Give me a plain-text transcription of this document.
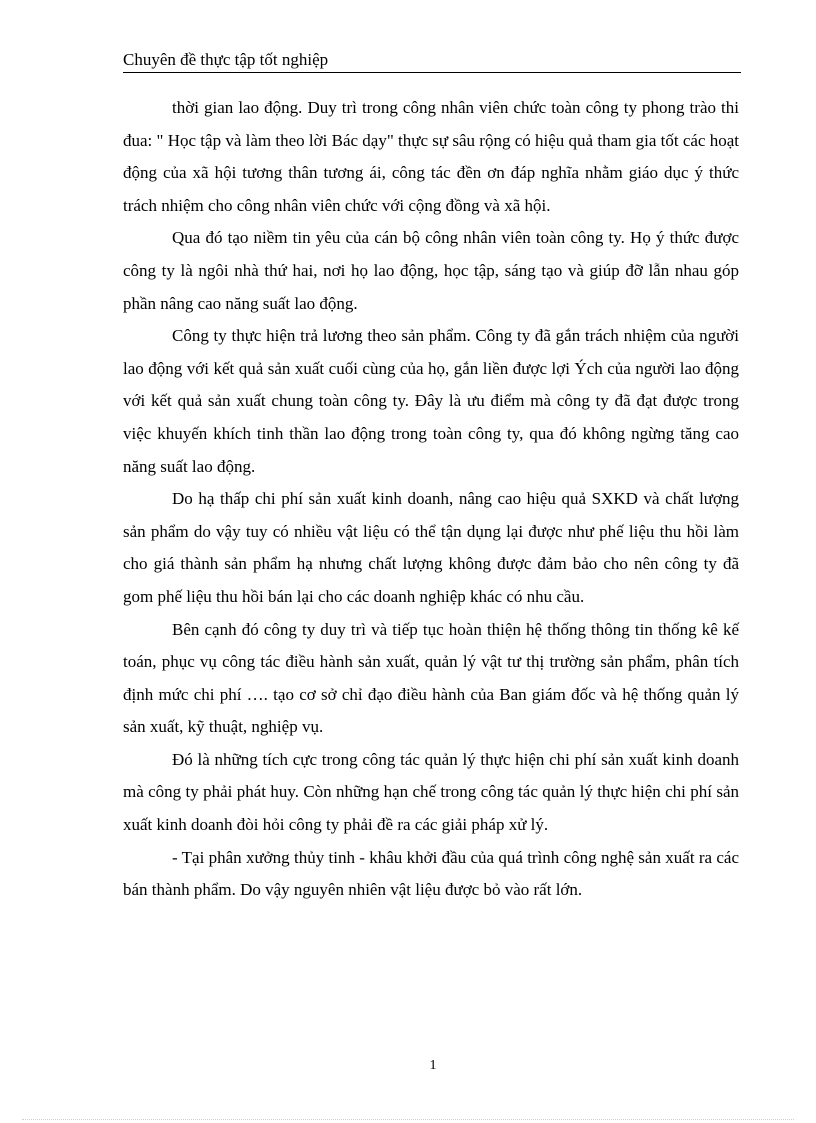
Chuyên đề thực tập tốt nghiệp

thời gian lao động. Duy trì trong công nhân viên chức toàn công ty phong trào thi đua: " Học tập và làm theo lời Bác dạy" thực sự sâu rộng có hiệu quả tham gia tốt các hoạt động của xã hội tương thân tương ái, công tác đền ơn đáp nghĩa nhằm giáo dục ý thức trách nhiệm cho công nhân viên chức với cộng đồng và xã hội.

Qua đó tạo niềm tin yêu của cán bộ công nhân viên toàn công ty. Họ ý thức được công ty là ngôi nhà thứ hai, nơi họ lao động, học tập, sáng tạo và giúp đỡ lẫn nhau góp phần nâng cao năng suất lao động.

Công ty thực hiện trả lương theo sản phẩm. Công ty đã gắn trách nhiệm của người lao động với kết quả sản xuất cuối cùng của họ, gắn liền được lợi Ých của người lao động với kết quả sản xuất chung toàn công ty. Đây là ưu điểm mà công ty đã đạt được trong việc khuyến khích tinh thần lao động trong toàn công ty, qua đó không ngừng tăng cao năng suất lao động.

Do hạ thấp chi phí sản xuất kinh doanh, nâng cao hiệu quả SXKD và chất lượng sản phẩm do vậy tuy có nhiều vật liệu có thể tận dụng lại được như phế liệu thu hồi làm cho giá thành sản phẩm hạ nhưng chất lượng không được đảm bảo cho nên công ty đã gom phế liệu thu hồi bán lại cho các doanh nghiệp khác có nhu cầu.

Bên cạnh đó công ty duy trì và tiếp tục hoàn thiện hệ thống thông tin thống kê kế toán, phục vụ công tác điều hành sản xuất, quản lý vật tư thị trường sản phẩm, phân tích định mức chi phí …. tạo cơ sở chỉ đạo điều hành của Ban giám đốc và hệ thống quản lý sản xuất, kỹ thuật, nghiệp vụ.

Đó là những tích cực trong công tác quản lý thực hiện chi phí sản xuất kinh doanh mà công ty phải phát huy. Còn những hạn chế trong công tác quản lý thực hiện chi phí sản xuất kinh doanh đòi hỏi công ty phải đề ra các giải pháp xử lý.

- Tại phân xưởng thủy tinh - khâu khởi đầu của quá trình công nghệ sản xuất ra các bán thành phẩm. Do vậy nguyên nhiên vật liệu được bỏ vào rất lớn.

1
